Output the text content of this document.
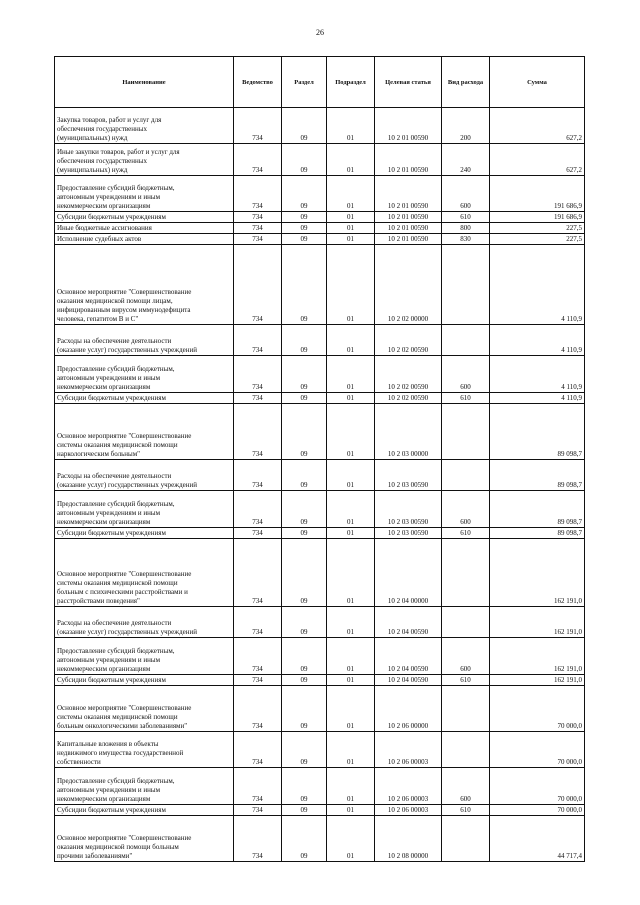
26
Наименование	Ведомство	Раздел	Подраздел	Целевая статья	Вид расхода	Сумма
Закупка товаров, работ и услуг для
обеспечения государственных
(муниципальных) нужд	734	09	01	10 2 01 00590	200	627,2
Иные закупки товаров, работ и услуг для
обеспечения государственных
(муниципальных) нужд	734	09	01	10 2 01 00590	240	627,2
Предоставление субсидий бюджетным,
автономным учреждениям и иным
некоммерческим организациям	734	09	01	10 2 01 00590	600	191 686,9
Субсидии бюджетным учреждениям	734	09	01	10 2 01 00590	610	191 686,9
Иные бюджетные ассигнования	734	09	01	10 2 01 00590	800	227,5
Исполнение судебных актов	734	09	01	10 2 01 00590	830	227,5
Основное мероприятие "Совершенствование
оказания медицинской помощи лицам,
инфицированным вирусом иммунодефицита
человека, гепатитом В и С"	734	09	01	10 2 02 00000		4 110,9
Расходы на обеспечение деятельности
(оказание услуг) государственных учреждений	734	09	01	10 2 02 00590		4 110,9
Предоставление субсидий бюджетным,
автономным учреждениям и иным
некоммерческим организациям	734	09	01	10 2 02 00590	600	4 110,9
Субсидии бюджетным учреждениям	734	09	01	10 2 02 00590	610	4 110,9
Основное мероприятие "Совершенствование
системы оказания медицинской помощи
наркологическим больным"	734	09	01	10 2 03 00000		89 098,7
Расходы на обеспечение деятельности
(оказание услуг) государственных учреждений	734	09	01	10 2 03 00590		89 098,7
Предоставление субсидий бюджетным,
автономным учреждениям и иным
некоммерческим организациям	734	09	01	10 2 03 00590	600	89 098,7
Субсидии бюджетным учреждениям	734	09	01	10 2 03 00590	610	89 098,7
Основное мероприятие "Совершенствование
системы оказания медицинской помощи
больным с психическими расстройствами и
расстройствами поведения"	734	09	01	10 2 04 00000		162 191,0
Расходы на обеспечение деятельности
(оказание услуг) государственных учреждений	734	09	01	10 2 04 00590		162 191,0
Предоставление субсидий бюджетным,
автономным учреждениям и иным
некоммерческим организациям	734	09	01	10 2 04 00590	600	162 191,0
Субсидии бюджетным учреждениям	734	09	01	10 2 04 00590	610	162 191,0
Основное мероприятие "Совершенствование
системы оказания медицинской помощи
больным онкологическими заболеваниями"	734	09	01	10 2 06 00000		70 000,0
Капитальные вложения в объекты
недвижимого имущества государственной
собственности	734	09	01	10 2 06 00003		70 000,0
Предоставление субсидий бюджетным,
автономным учреждениям и иным
некоммерческим организациям	734	09	01	10 2 06 00003	600	70 000,0
Субсидии бюджетным учреждениям	734	09	01	10 2 06 00003	610	70 000,0
Основное мероприятие "Совершенствование
оказания медицинской помощи больным
прочими заболеваниями"	734	09	01	10 2 08 00000		44 717,4
